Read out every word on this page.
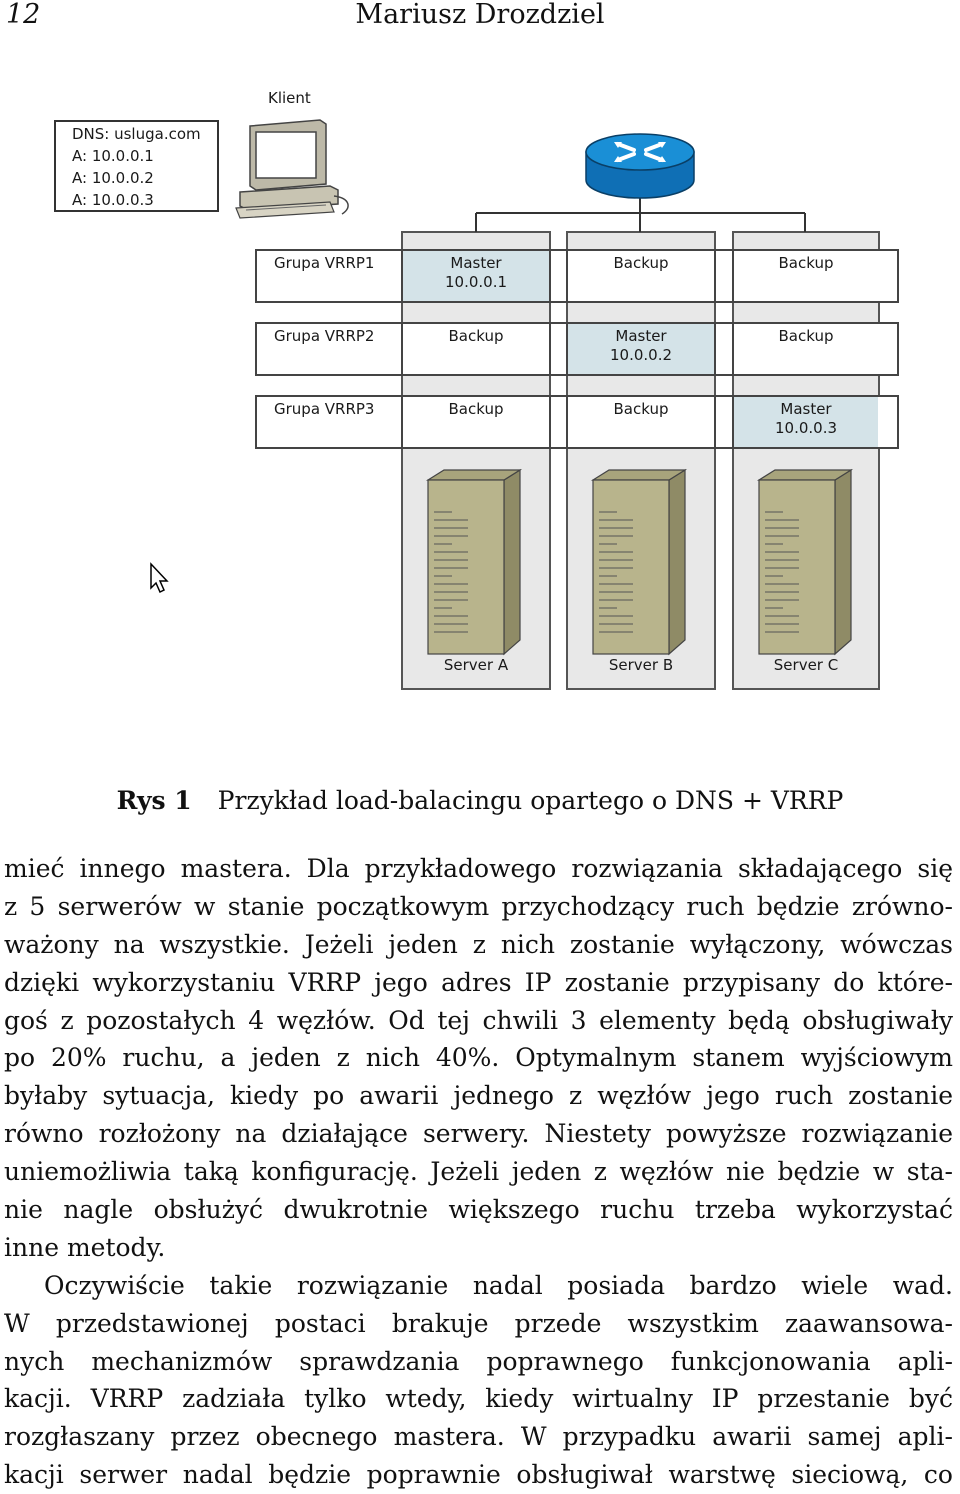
12	Mariusz Drozdziel
DNS: usluga.com
A: 10.0.0.1
A: 10.0.0.2
A: 10.0.0.3
Klient
Grupa VRRP1	Master
10.0.0.1
Backup	Backup
Grupa VRRP2	Backup	Master
10.0.0.2
Backup
Grupa VRRP3	Backup	Backup	Master
10.0.0.3
Server A	Server B	Server C
Rys 1 Przykład load-balacingu opartego o DNS + VRRP
mieć innego mastera. Dla przykładowego rozwiązania składającego się
z 5 serwerów w stanie początkowym przychodzący ruch będzie zrówno-
ważony na wszystkie. Jeżeli jeden z nich zostanie wyłączony, wówczas
dzięki wykorzystaniu VRRP jego adres IP zostanie przypisany do które-
goś z pozostałych 4 węzłów. Od tej chwili 3 elementy będą obsługiwały
po 20% ruchu, a jeden z nich 40%. Optymalnym stanem wyjściowym
byłaby sytuacja, kiedy po awarii jednego z węzłów jego ruch zostanie
równo rozłożony na działające serwery. Niestety powyższe rozwiązanie
uniemożliwia taką konfigurację. Jeżeli jeden z węzłów nie będzie w sta-
nie nagle obsłużyć dwukrotnie większego ruchu trzeba wykorzystać
inne metody.
Oczywiście takie rozwiązanie nadal posiada bardzo wiele wad.
W przedstawionej postaci brakuje przede wszystkim zaawansowa-
nych mechanizmów sprawdzania poprawnego funkcjonowania apli-
kacji. VRRP zadziała tylko wtedy, kiedy wirtualny IP przestanie być
rozgłaszany przez obecnego mastera. W przypadku awarii samej apli-
kacji serwer nadal będzie poprawnie obsługiwał warstwę sieciową, co
